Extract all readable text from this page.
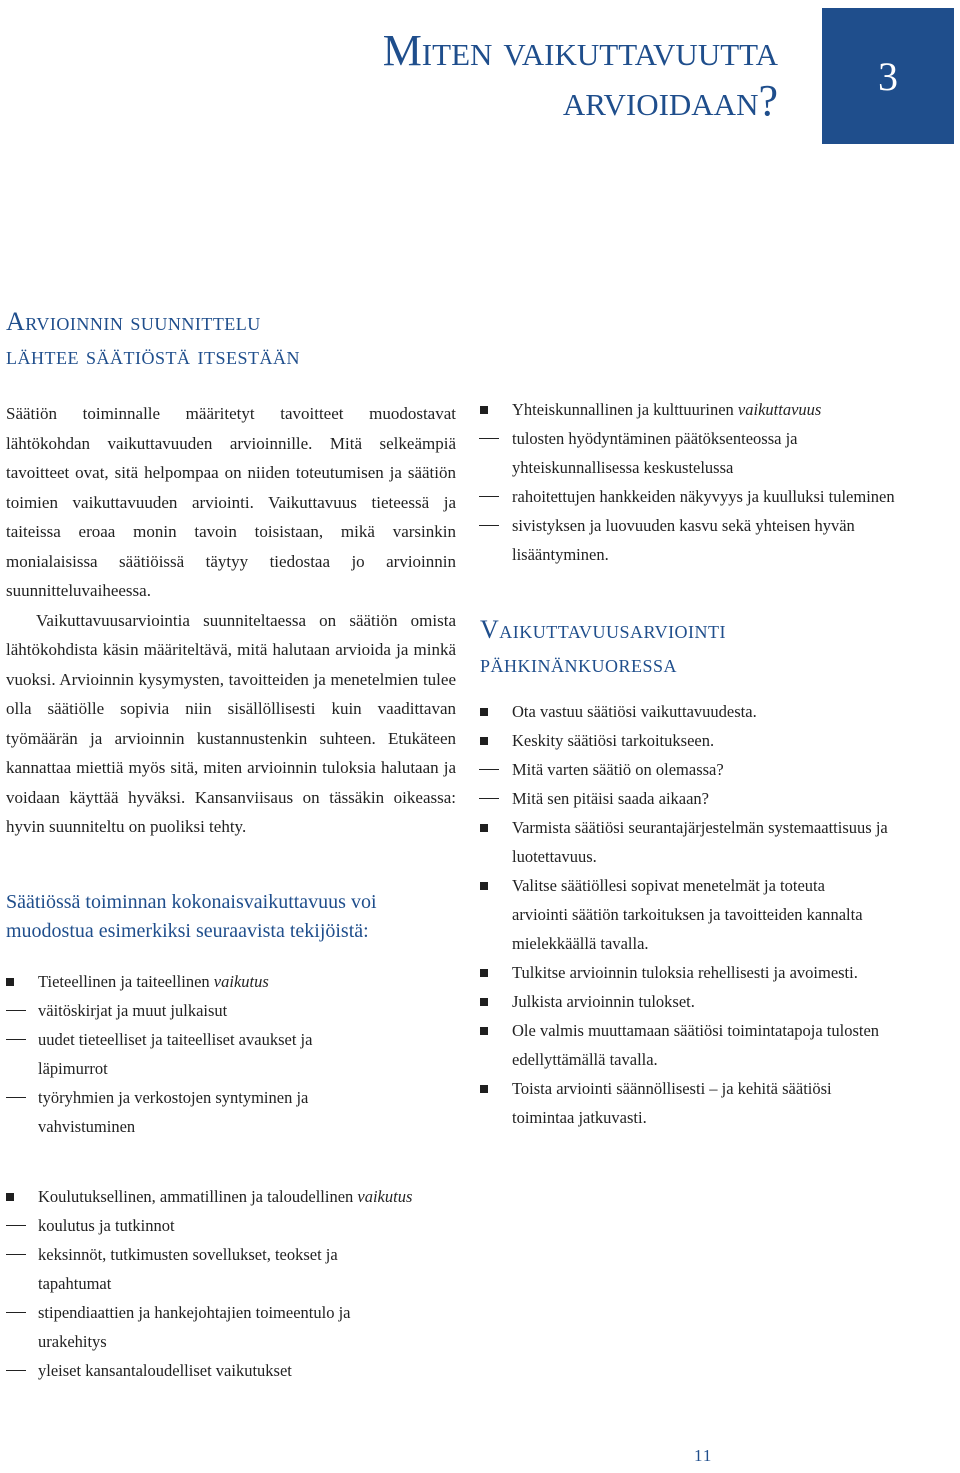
Miten vaikuttavuutta
arvioidaan?	3
Arvioinnin suunnittelu
lähtee säätiöstä itsestään

Säätiön toiminnalle määritetyt tavoitteet muodostavat lähtökohdan vaikuttavuuden arvioinnille. Mitä selkeämpiä tavoitteet ovat, sitä helpompaa on niiden toteutumisen ja säätiön toimien vaikuttavuuden arviointi. Vaikuttavuus tieteessä ja taiteissa eroaa monin tavoin toisistaan, mikä varsinkin monialaisissa säätiöissä täytyy tiedostaa jo arvioinnin suunnitteluvaiheessa.

Vaikuttavuusarviointia suunniteltaessa on säätiön omista lähtökohdista käsin määriteltävä, mitä halutaan arvioida ja minkä vuoksi. Arvioinnin kysymysten, tavoitteiden ja menetelmien tulee olla säätiölle sopivia niin sisällöllisesti kuin vaadittavan työmäärän ja arvioinnin kustannustenkin suhteen. Etukäteen kannattaa miettiä myös sitä, miten arvioinnin tuloksia halutaan ja voidaan käyttää hyväksi. Kansanviisaus on tässäkin oikeassa: hyvin suunniteltu on puoliksi tehty.

Säätiössä toiminnan kokonaisvaikuttavuus voi
muodostua esimerkiksi seuraavista tekijöistä:
Tieteellinen ja taiteellinen vaikutus
väitöskirjat ja muut julkaisut
uudet tieteelliset ja taiteelliset avaukset ja läpimurrot
työryhmien ja verkostojen syntyminen ja vahvistuminen
Koulutuksellinen, ammatillinen ja taloudellinen vaikutus
koulutus ja tutkinnot
keksinnöt, tutkimusten sovellukset, teokset ja tapahtumat
stipendiaattien ja hankejohtajien toimeentulo ja urakehitys
yleiset kansantaloudelliset vaikutukset
Yhteiskunnallinen ja kulttuurinen vaikuttavuus
tulosten hyödyntäminen päätöksenteossa ja yhteiskunnallisessa keskustelussa
rahoitettujen hankkeiden näkyvyys ja kuulluksi tuleminen
sivistyksen ja luovuuden kasvu sekä yhteisen hyvän lisääntyminen.
Vaikuttavuusarviointi
pähkinänkuoressa
Ota vastuu säätiösi vaikuttavuudesta.
Keskity säätiösi tarkoitukseen.
Mitä varten säätiö on olemassa?
Mitä sen pitäisi saada aikaan?
Varmista säätiösi seurantajärjestelmän systemaattisuus ja luotettavuus.
Valitse säätiöllesi sopivat menetelmät ja toteuta arviointi säätiön tarkoituksen ja tavoitteiden kannalta mielekkäällä tavalla.
Tulkitse arvioinnin tuloksia rehellisesti ja avoimesti.
Julkista arvioinnin tulokset.
Ole valmis muuttamaan säätiösi toimintatapoja tulosten edellyttämällä tavalla.
Toista arviointi säännöllisesti – ja kehitä säätiösi toimintaa jatkuvasti.
11
